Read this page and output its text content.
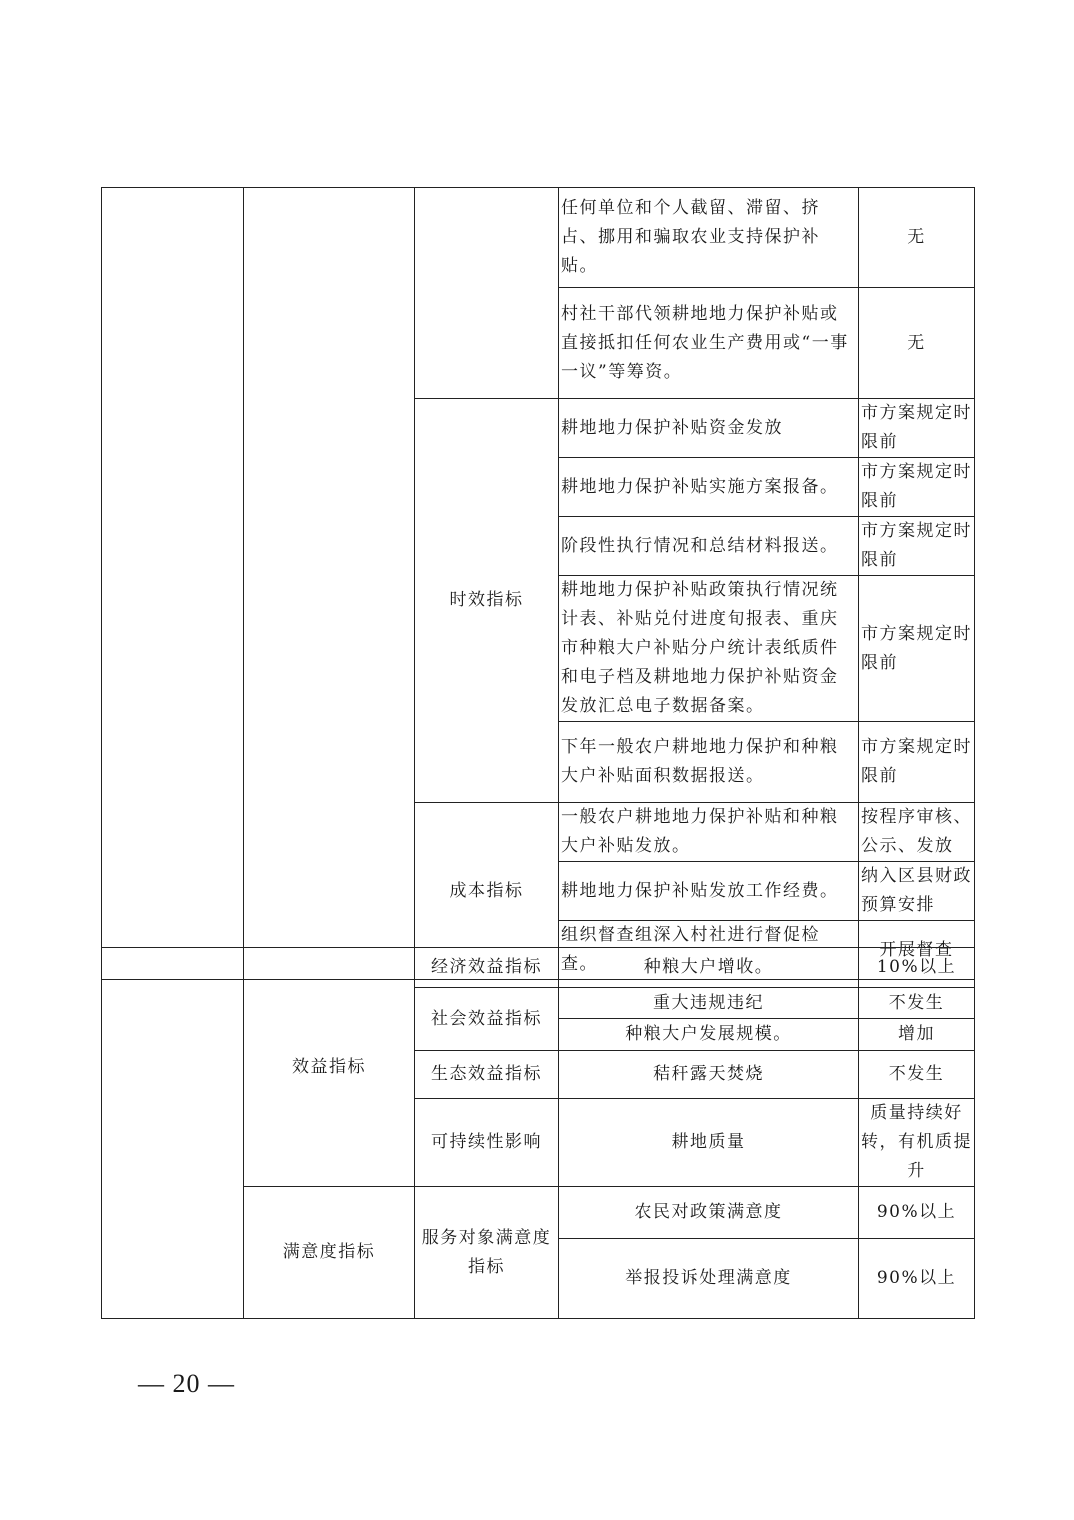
			任何单位和个人截留、滞留、挤占、挪用和骗取农业支持保护补贴。	无
			村社干部代领耕地地力保护补贴或直接抵扣任何农业生产费用或“一事一议”等筹资。	无
		时效指标	耕地地力保护补贴资金发放	市方案规定时限前
			耕地地力保护补贴实施方案报备。	市方案规定时限前
			阶段性执行情况和总结材料报送。	市方案规定时限前
			耕地地力保护补贴政策执行情况统计表、补贴兑付进度旬报表、重庆市种粮大户补贴分户统计表纸质件和电子档及耕地地力保护补贴资金发放汇总电子数据备案。	市方案规定时限前
			下年一般农户耕地地力保护和种粮大户补贴面积数据报送。	市方案规定时限前
		成本指标	一般农户耕地地力保护补贴和种粮大户补贴发放。	按程序审核、公示、发放
			耕地地力保护补贴发放工作经费。	纳入区县财政预算安排
			组织督查组深入村社进行督促检查。	开展督查
	效益指标	经济效益指标	种粮大户增收。	10%以上
		社会效益指标	重大违规违纪	不发生
			种粮大户发展规模。	增加
		生态效益指标	秸秆露天焚烧	不发生
		可持续性影响	耕地质量	质量持续好转，有机质提升
	满意度指标	服务对象满意度指标	农民对政策满意度	90%以上
			举报投诉处理满意度	90%以上
— 20 —
